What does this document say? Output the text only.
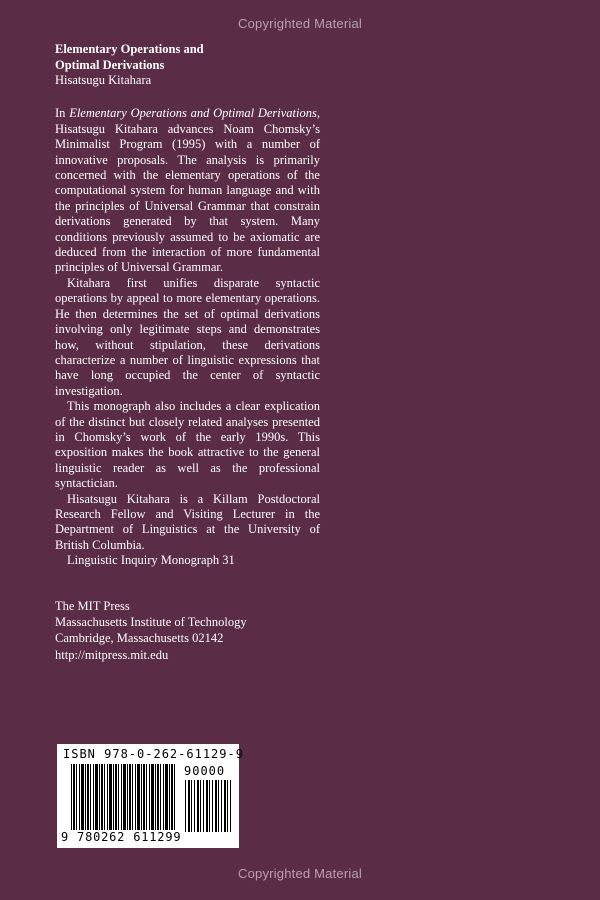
Copyrighted Material

Elementary Operations and

Optimal Derivations

Hisatsugu Kitahara

In Elementary Operations and Optimal Derivations, Hisatsugu Kitahara advances Noam Chomsky’s Minimalist Program (1995) with a number of innovative proposals. The analysis is primarily concerned with the elementary operations of the computational system for human language and with the principles of Universal Grammar that constrain derivations generated by that system. Many conditions previously assumed to be axiomatic are deduced from the interaction of more fundamental principles of Universal Grammar.

Kitahara first unifies disparate syntactic operations by appeal to more elementary operations. He then determines the set of optimal derivations involving only legitimate steps and demonstrates how, without stipulation, these derivations characterize a number of linguistic expressions that have long occupied the center of syntactic investigation.

This monograph also includes a clear explication of the distinct but closely related analyses presented in Chomsky’s work of the early 1990s. This exposition makes the book attractive to the general linguistic reader as well as the professional syntactician.

Hisatsugu Kitahara is a Killam Postdoctoral Research Fellow and Visiting Lecturer in the Department of Linguistics at the University of British Columbia.

Linguistic Inquiry Monograph 31

The MIT Press
Massachusetts Institute of Technology
Cambridge, Massachusetts 02142
http://mitpress.mit.edu
ISBN 978-0-262-61129-9
90000
9 780262 611299
Copyrighted Material
